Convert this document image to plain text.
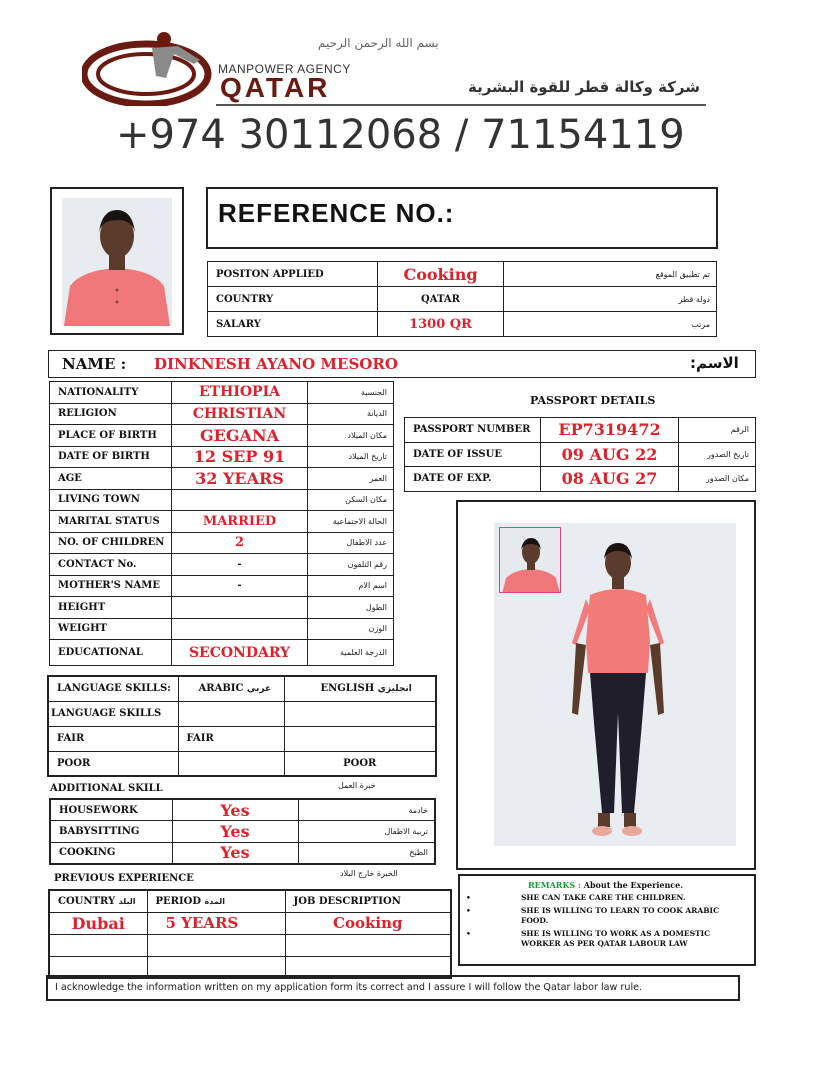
بسم الله الرحمن الرحيم
MANPOWER AGENCY
QATAR	شركة وكالة قطر للقوة البشرية
+974 30112068 / 71154119
REFERENCE NO.:
POSITON APPLIED	Cooking	تم تطبيق الموقع
COUNTRY	QATAR	دولة قطر
SALARY	1300 QR	مرتب
NAME : DINKNESH AYANO MESORO	الاسم:
NATIONALITY	ETHIOPIA	الجنسية
RELIGION	CHRISTIAN	الديانة
PLACE OF BIRTH	GEGANA	مكان الميلاد
DATE OF BIRTH	12 SEP 91	تاريخ الميلاد
AGE	32 YEARS	العمر
LIVING TOWN		مكان السكن
MARITAL STATUS	MARRIED	الحالة الاجتماعية
NO. OF CHILDREN	2	عدد الاطفال
CONTACT No.	-	رقم التلفون
MOTHER'S NAME	-	اسم الام
HEIGHT		الطول
WEIGHT		الوزن
EDUCATIONAL	SECONDARY	الدرجة العلمية
PASSPORT DETAILS
PASSPORT NUMBER	EP7319472	الرقم
DATE OF ISSUE	09 AUG 22	تاريخ الصدور
DATE OF EXP.	08 AUG 27	مكان الصدور
LANGUAGE SKILLS:	ARABIC عربي	ENGLISH انجليزي
LANGUAGE SKILLS		
FAIR	FAIR	
POOR		POOR
ADDITIONAL SKILL	خبرة العمل
HOUSEWORK	Yes	خادمة
BABYSITTING	Yes	تربية الاطفال
COOKING	Yes	الطبخ
PREVIOUS EXPERIENCE	الخبرة خارج البلاد
COUNTRY البلد	PERIOD المدة	JOB DESCRIPTION
Dubai	5 YEARS	Cooking

REMARKS : About the Experience.
•	SHE CAN TAKE CARE THE CHILDREN.
•	SHE IS WILLING TO LEARN TO COOK ARABIC FOOD.
•	SHE IS WILLING TO WORK AS A DOMESTIC WORKER AS PER QATAR LABOUR LAW
I acknowledge the information written on my application form its correct and I assure I will follow the Qatar labor law rule.
